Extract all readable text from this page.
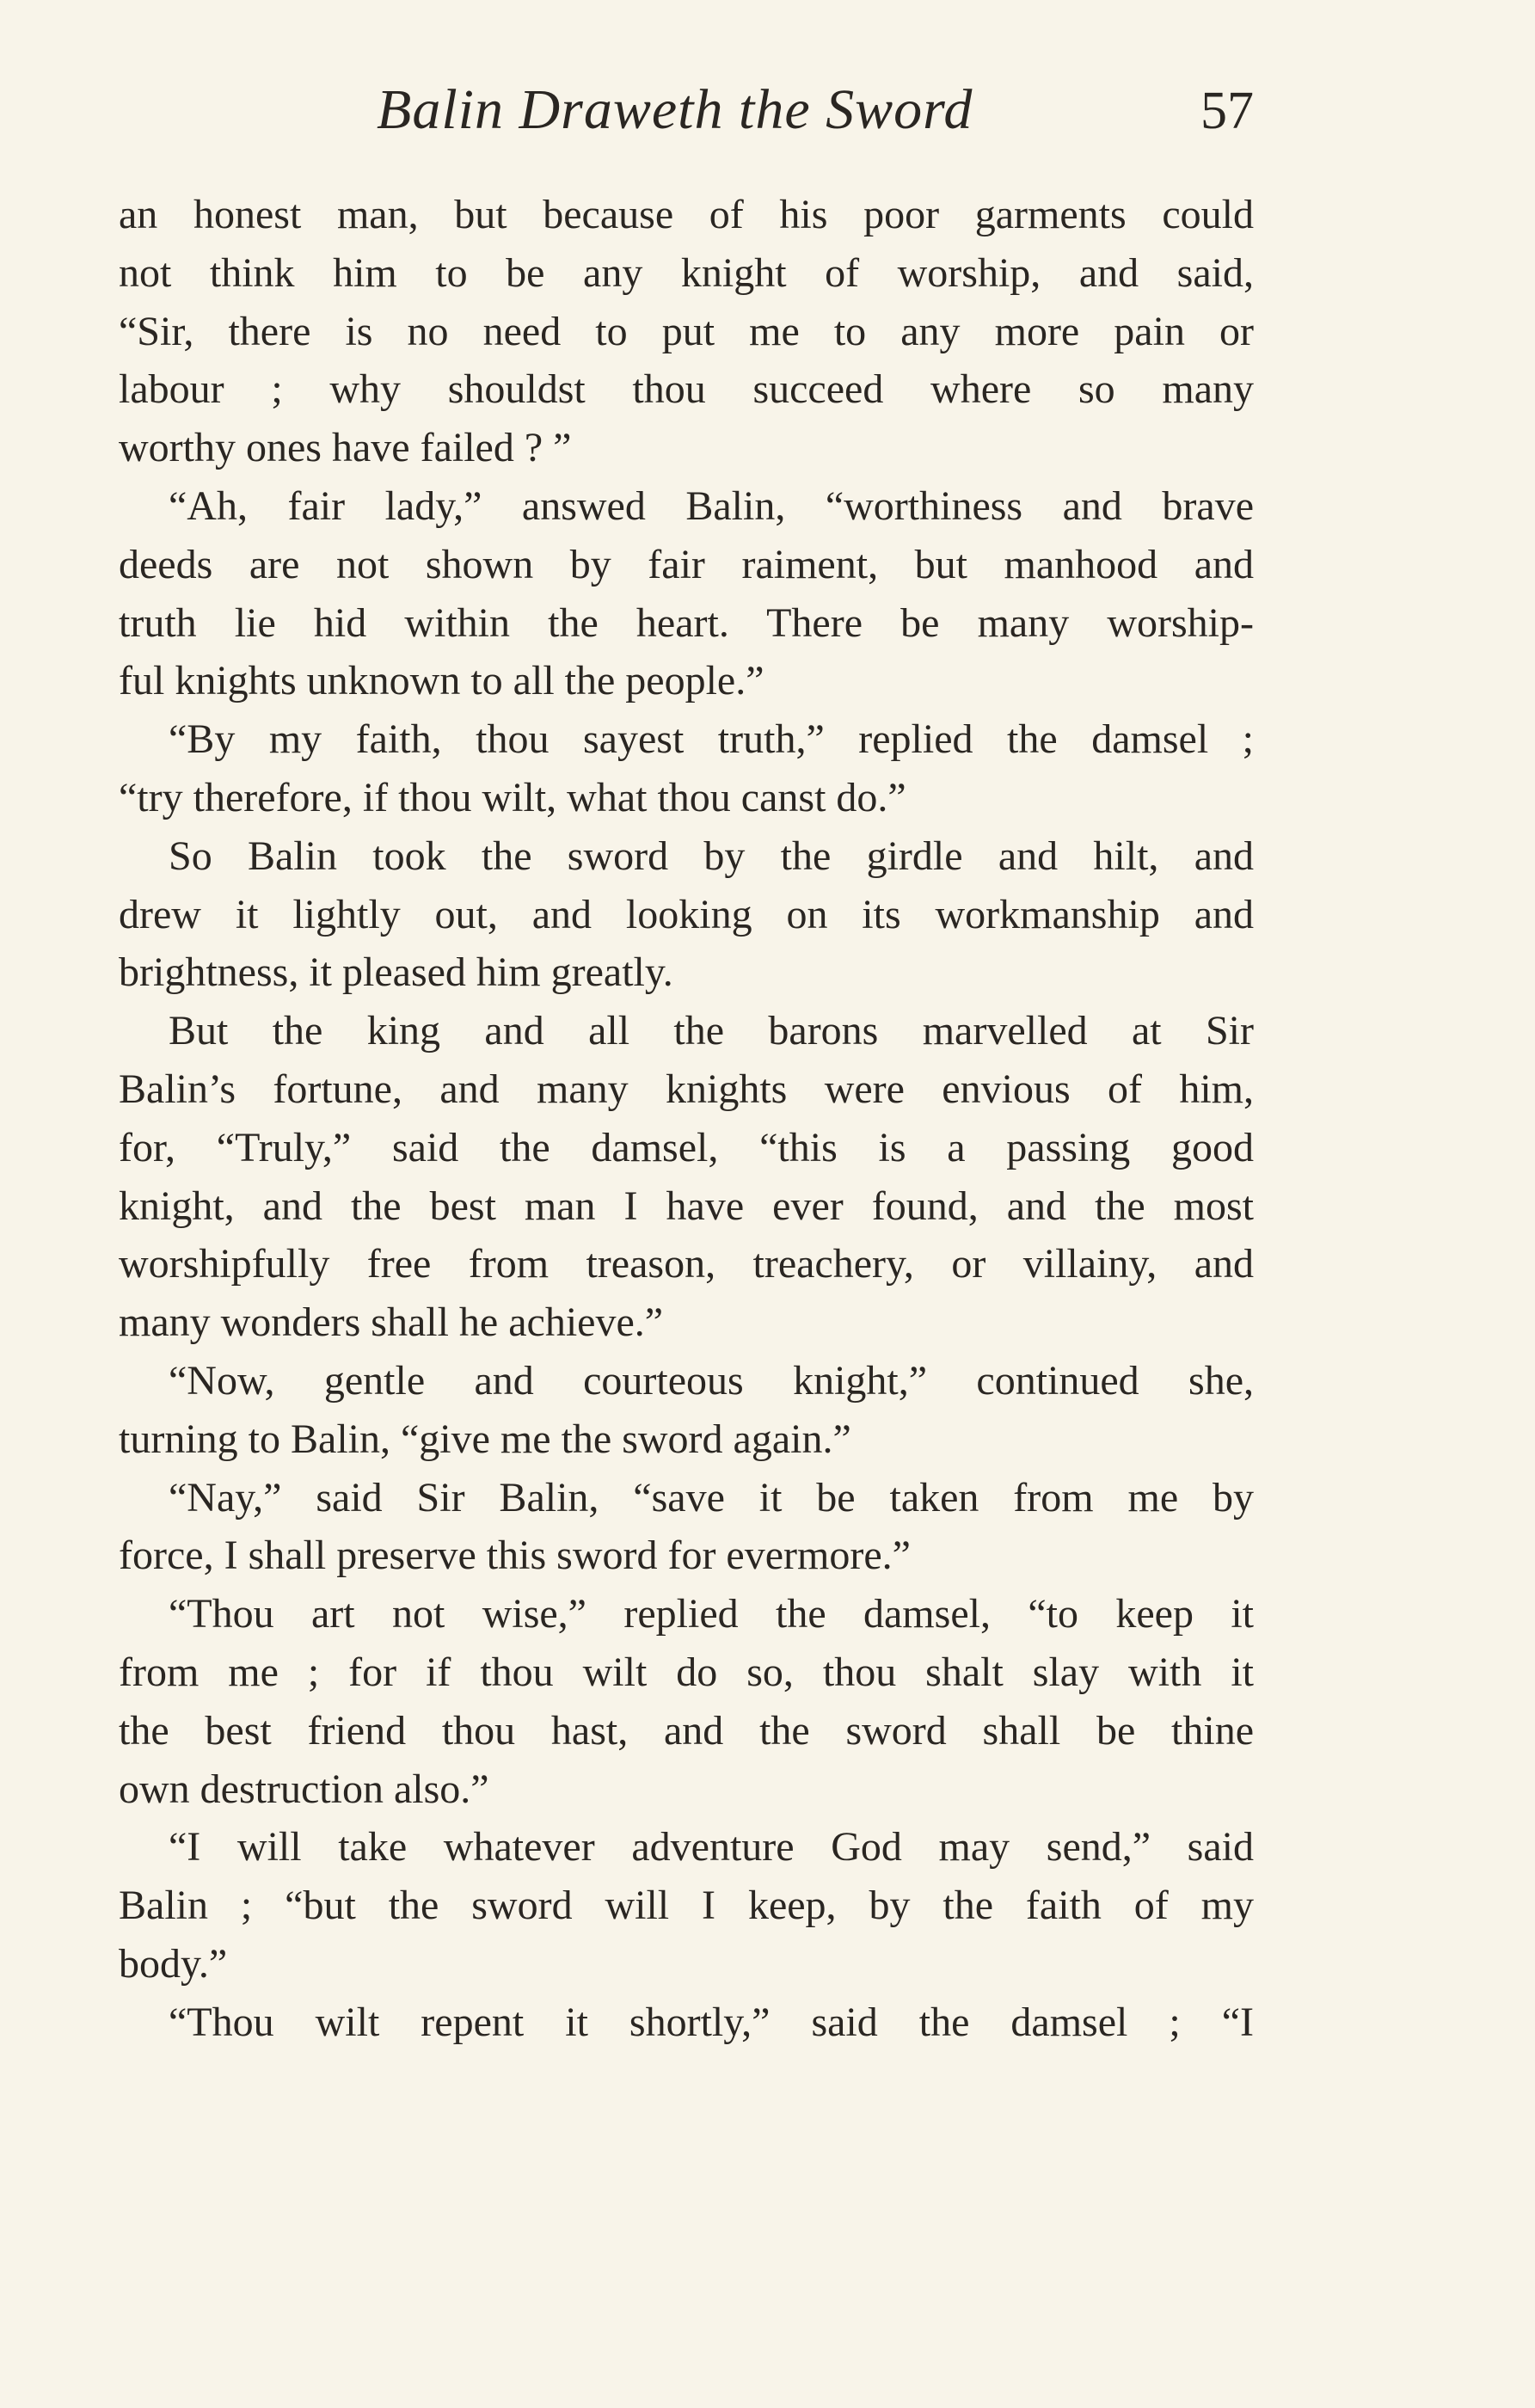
Balin Draweth the Sword	57
an honest man, but because of his poor garments could
not think him to be any knight of worship, and said,
“Sir, there is no need to put me to any more pain or
labour ; why shouldst thou succeed where so many
worthy ones have failed ? ”
“Ah, fair lady,” answed Balin, “worthiness and brave
deeds are not shown by fair raiment, but manhood and
truth lie hid within the heart. There be many worship-
ful knights unknown to all the people.”
“By my faith, thou sayest truth,” replied the damsel ;
“try therefore, if thou wilt, what thou canst do.”
So Balin took the sword by the girdle and hilt, and
drew it lightly out, and looking on its workmanship and
brightness, it pleased him greatly.
But the king and all the barons marvelled at Sir
Balin’s fortune, and many knights were envious of him,
for, “Truly,” said the damsel, “this is a passing good
knight, and the best man I have ever found, and the most
worshipfully free from treason, treachery, or villainy, and
many wonders shall he achieve.”
“Now, gentle and courteous knight,” continued she,
turning to Balin, “give me the sword again.”
“Nay,” said Sir Balin, “save it be taken from me by
force, I shall preserve this sword for evermore.”
“Thou art not wise,” replied the damsel, “to keep it
from me ; for if thou wilt do so, thou shalt slay with it
the best friend thou hast, and the sword shall be thine
own destruction also.”
“I will take whatever adventure God may send,” said
Balin ; “but the sword will I keep, by the faith of my
body.”
“Thou wilt repent it shortly,” said the damsel ; “I
